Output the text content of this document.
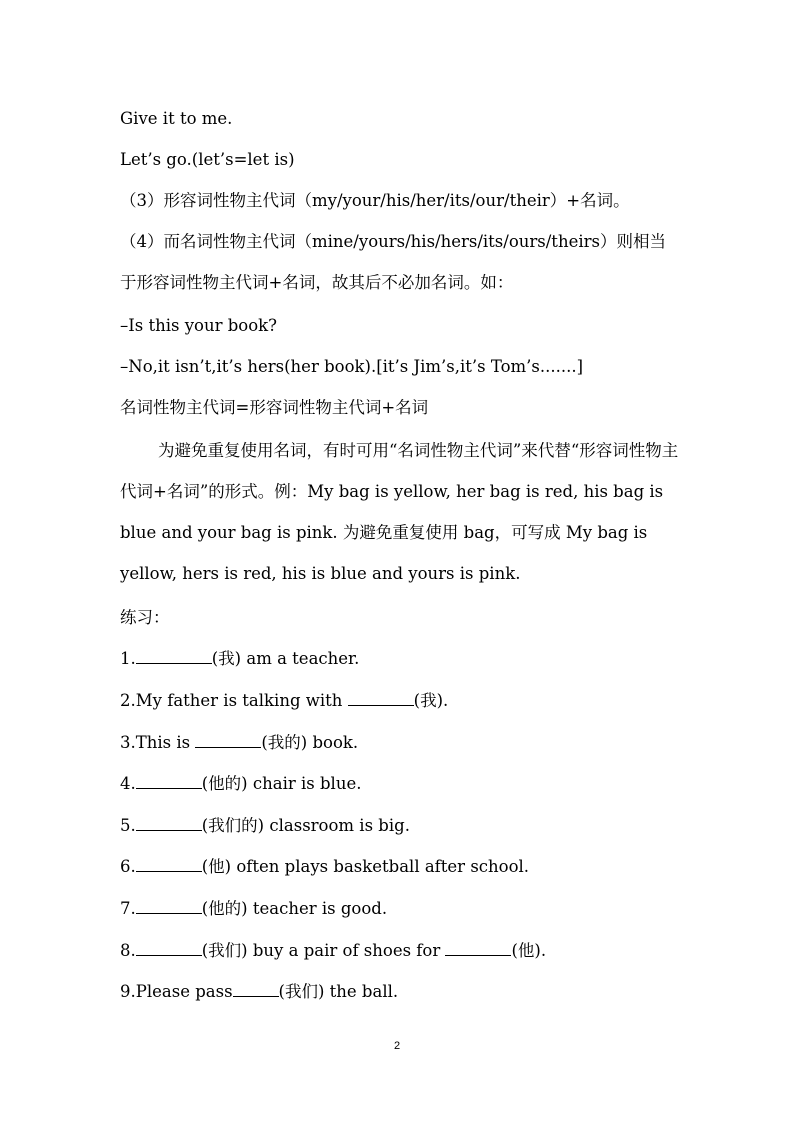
Give it to me.
Let’s go.(let’s=let is)
（3）形容词性物主代词（my/your/his/her/its/our/their）+名词。
（4）而名词性物主代词（mine/yours/his/hers/its/ours/theirs）则相当
于形容词性物主代词+名词，故其后不必加名词。如：
–Is this your book?
–No,it isn’t,it’s hers(her book).[it’s Jim’s,it’s Tom’s.......]
名词性物主代词=形容词性物主代词+名词
为避免重复使用名词，有时可用“名词性物主代词”来代替“形容词性物主代词+名词”的形式。例：My bag is yellow, her bag is red, his bag is blue and your bag is pink. 为避免重复使用 bag，可写成 My bag is yellow, hers is red, his is blue and yours is pink.
练习：
1.	(我) am a teacher.
2.My father is talking with	(我).
3.This is	(我的) book.
4.	(他的) chair is blue.
5.	(我们的) classroom is big.
6.	(他) often plays basketball after school.
7.	(他的) teacher is good.
8.	(我们) buy a pair of shoes for	(他).
9.Please pass	(我们) the ball.
2
